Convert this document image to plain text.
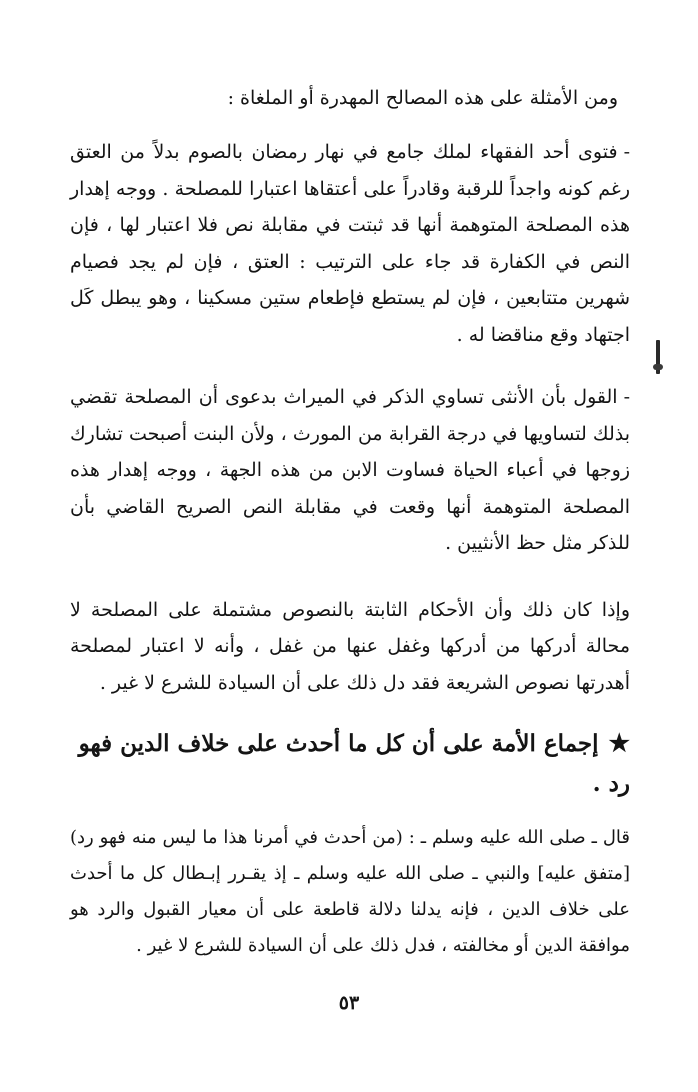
ومن الأمثلة على هذه المصالح المهدرة أو الملغاة :

-فتوى أحد الفقهاء لملك جامع في نهار رمضان بالصوم بدلاً من العتق رغم كونه واجداً للرقبة وقادراً على أعتقاها اعتبارا للمصلحة . ووجه إهدار هذه المصلحة المتوهمة أنها قد ثبتت في مقابلة نص فلا اعتبار لها ، فإن النص في الكفارة قد جاء على الترتيب : العتق ، فإن لم يجد فصيام شهرين متتابعين ، فإن لم يستطع فإطعام ستين مسكينا ، وهو يبطل كَل اجتهاد وقع مناقضا له .

-القول بأن الأنثى تساوي الذكر في الميراث بدعوى أن المصلحة تقضي بذلك لتساويها في درجة القرابة من المورث ، ولأن البنت أصبحت تشارك زوجها في أعباء الحياة فساوت الابن من هذه الجهة ، ووجه إهدار هذه المصلحة المتوهمة أنها وقعت في مقابلة النص الصريح القاضي بأن للذكر مثل حظ الأنثيين .

وإذا كان ذلك وأن الأحكام الثابتة بالنصوص مشتملة على المصلحة لا محالة أدركها من أدركها وغفل عنها من غفل ، وأنه لا اعتبار لمصلحة أهدرتها نصوص الشريعة فقد دل ذلك على أن السيادة للشرع لا غير .

★إجماع الأمة على أن كل ما أحدث على خلاف الدين فهو رد .

قال ـ صلى الله عليه وسلم ـ : (من أحدث في أمرنا هذا ما ليس منه فهو رد) [متفق عليه] والنبي ـ صلى الله عليه وسلم ـ إذ يقـرر إبـطال كل ما أحدث على خلاف الدين ، فإنه يدلنا دلالة قاطعة على أن معيار القبول والرد هو موافقة الدين أو مخالفته ، فدل ذلك على أن السيادة للشرع لا غير .

٥٣
